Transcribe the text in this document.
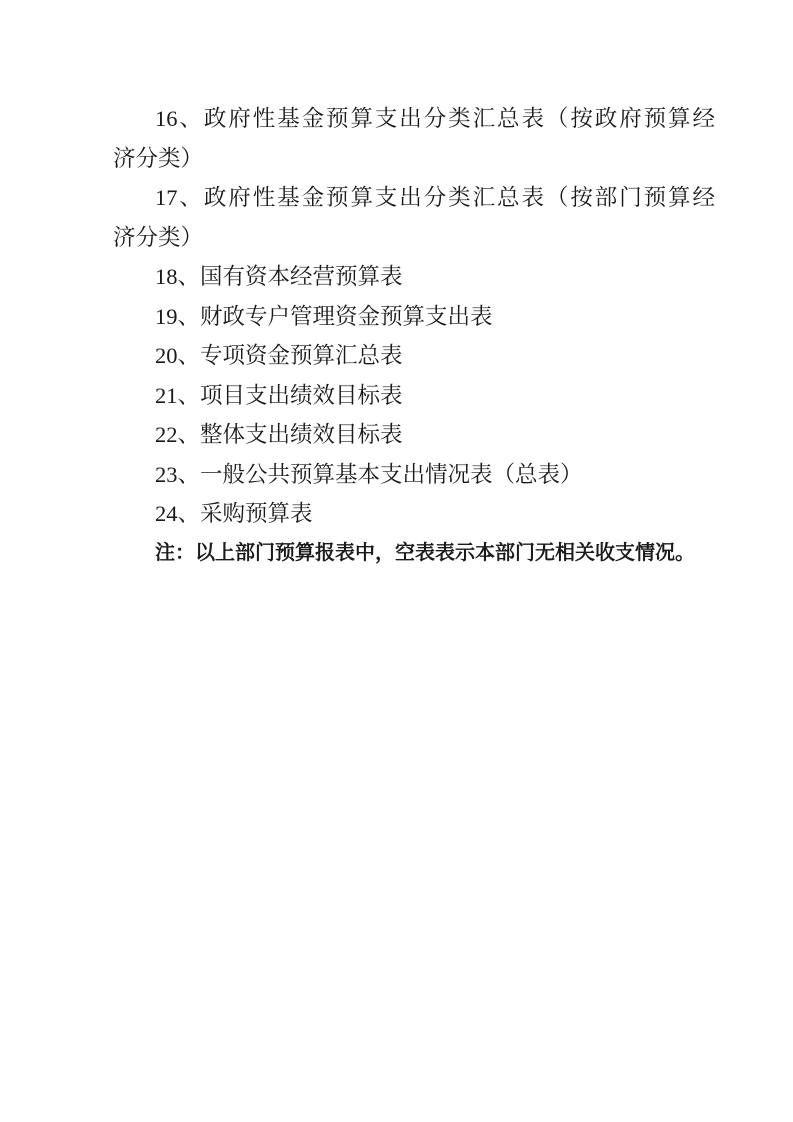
16、政府性基金预算支出分类汇总表（按政府预算经
济分类）
17、政府性基金预算支出分类汇总表（按部门预算经
济分类）
18、国有资本经营预算表
19、财政专户管理资金预算支出表
20、专项资金预算汇总表
21、项目支出绩效目标表
22、整体支出绩效目标表
23、一般公共预算基本支出情况表（总表）
24、采购预算表
注：以上部门预算报表中，空表表示本部门无相关收支情况。
